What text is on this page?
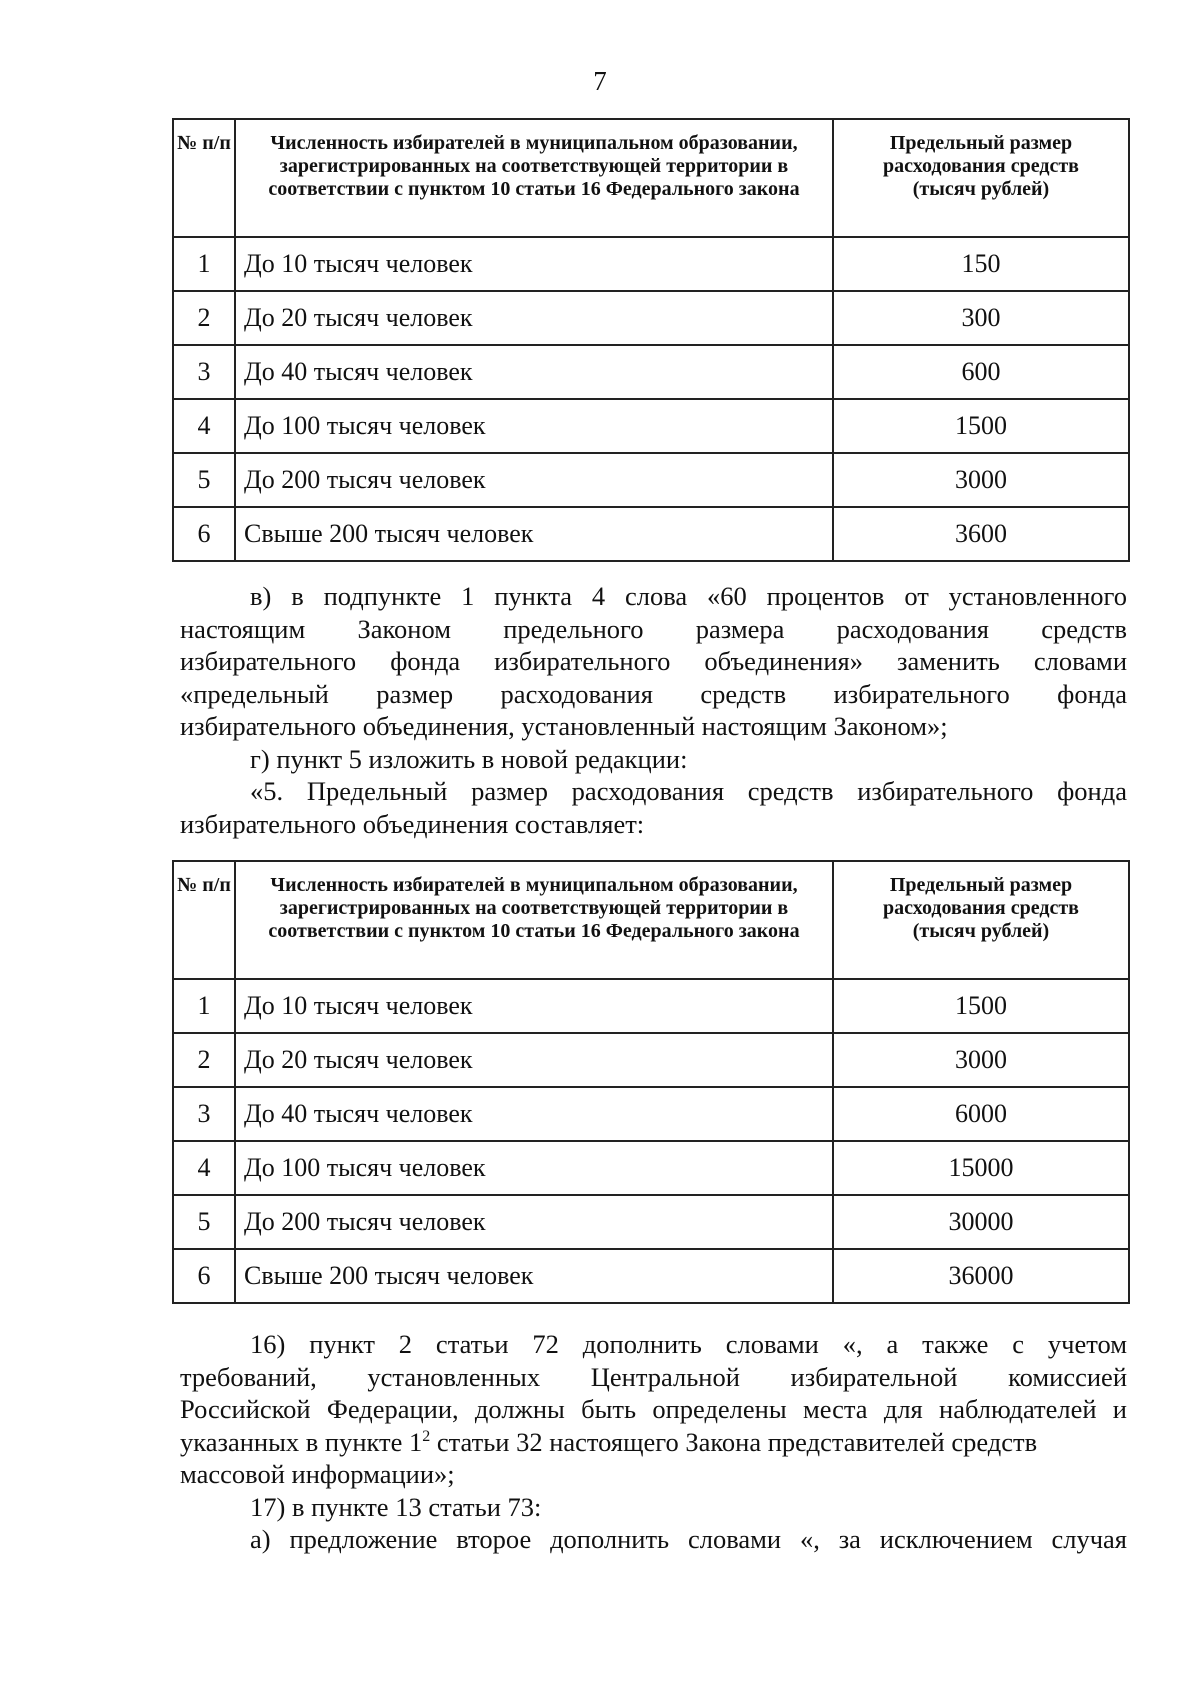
7
№ п/п	Численность избирателей в муниципальном образовании, зарегистрированных на соответствующей территории в соответствии с пунктом 10 статьи 16 Федерального закона	Предельный размер расходования средств (тысяч рублей)
1	До 10 тысяч человек	150
2	До 20 тысяч человек	300
3	До 40 тысяч человек	600
4	До 100 тысяч человек	1500
5	До 200 тысяч человек	3000
6	Свыше 200 тысяч человек	3600
в) в подпункте 1 пункта 4 слова «60 процентов от установленного
настоящим Законом предельного размера расходования средств
избирательного фонда избирательного объединения» заменить словами
«предельный размер расходования средств избирательного фонда
избирательного объединения, установленный настоящим Законом»;
г) пункт 5 изложить в новой редакции:
«5. Предельный размер расходования средств избирательного фонда
избирательного объединения составляет:
№ п/п	Численность избирателей в муниципальном образовании, зарегистрированных на соответствующей территории в соответствии с пунктом 10 статьи 16 Федерального закона	Предельный размер расходования средств (тысяч рублей)
1	До 10 тысяч человек	1500
2	До 20 тысяч человек	3000
3	До 40 тысяч человек	6000
4	До 100 тысяч человек	15000
5	До 200 тысяч человек	30000
6	Свыше 200 тысяч человек	36000
16) пункт 2 статьи 72 дополнить словами «, а также с учетом
требований, установленных Центральной избирательной комиссией
Российской Федерации, должны быть определены места для наблюдателей и
указанных в пункте $1^2$ статьи 32 настоящего Закона представителей средств
массовой информации»;
17) в пункте 13 статьи 73:
а) предложение второе дополнить словами «, за исключением случая
